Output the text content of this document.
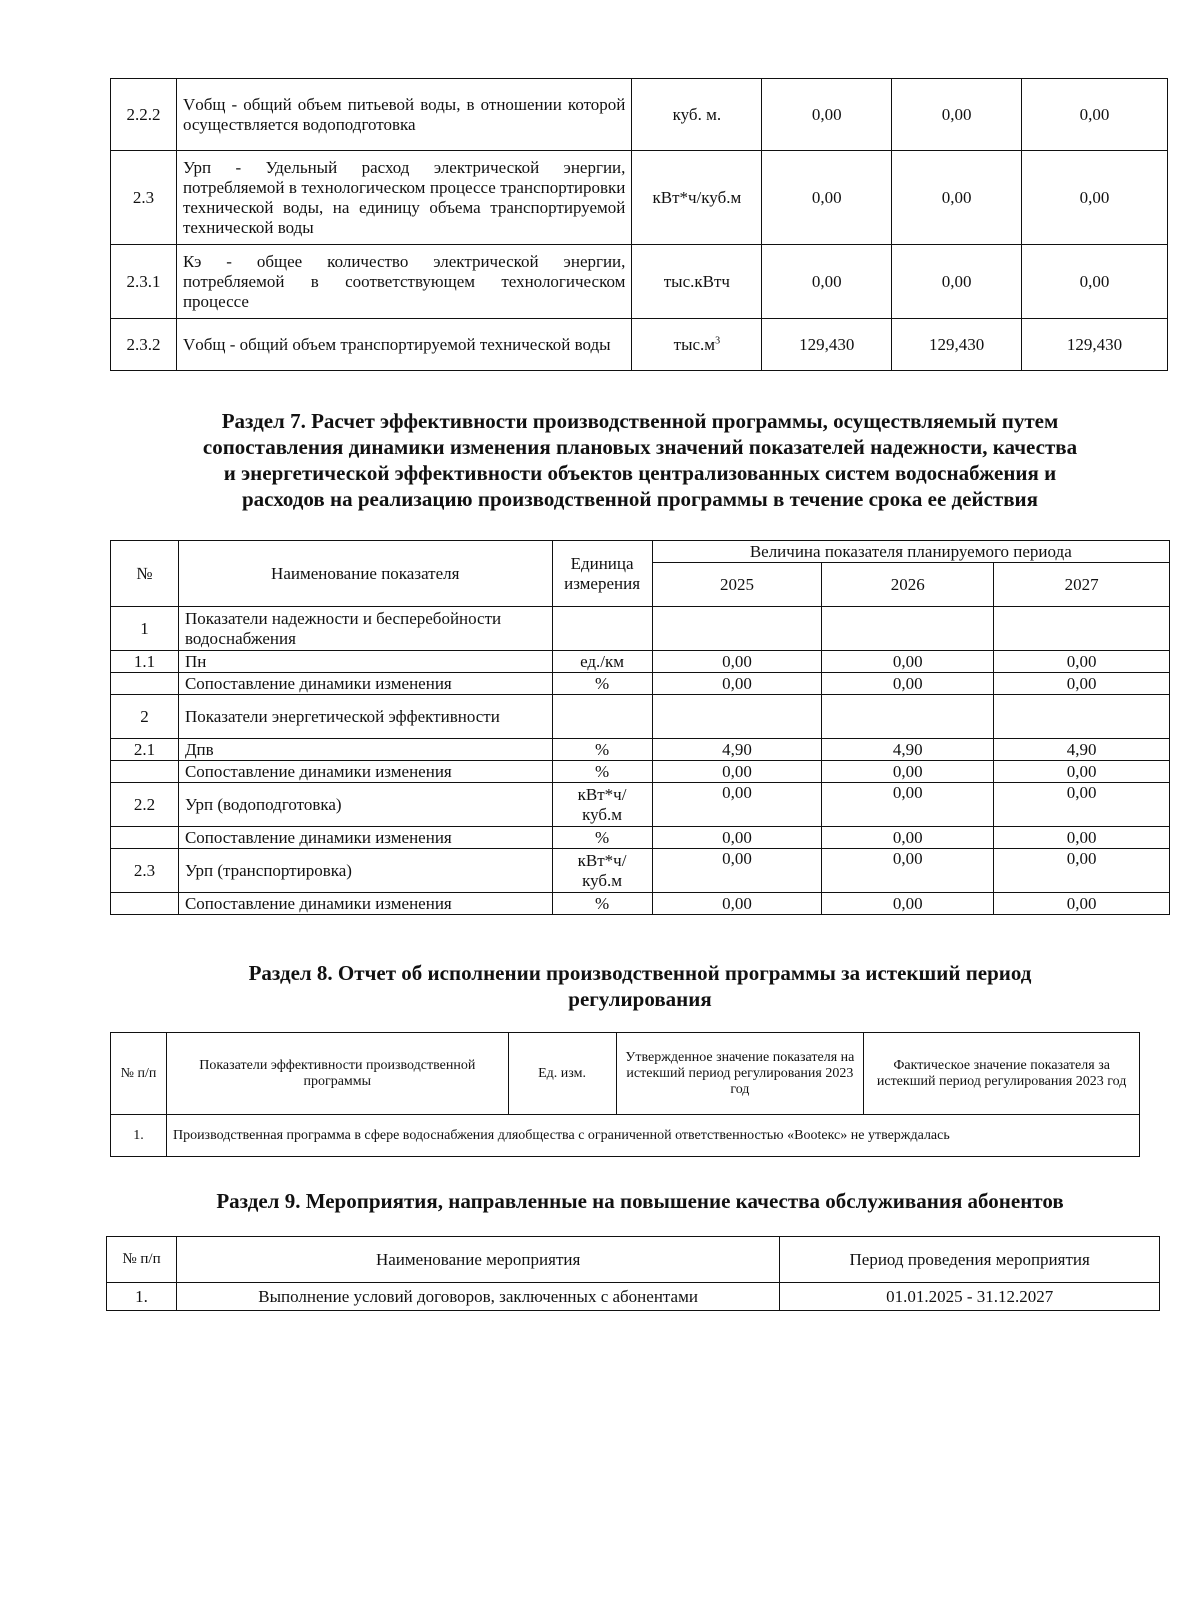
2.2.2	Vобщ - общий объем питьевой воды, в отношении которой осуществляется водоподготовка	куб. м.	0,00	0,00	0,00
2.3	Урп - Удельный расход электрической энергии, потребляемой в технологическом процессе транспортировки технической воды, на единицу объема транспортируемой технической воды	кВт*ч/куб.м	0,00	0,00	0,00
2.3.1	Кэ - общее количество электрической энергии, потребляемой в соответствующем технологическом процессе	тыс.кВтч	0,00	0,00	0,00
2.3.2	Vобщ - общий объем транспортируемой технической воды	$тыс.м^3$	129,430	129,430	129,430
Раздел 7. Расчет эффективности производственной программы, осуществляемый путем
сопоставления динамики изменения плановых значений показателей надежности, качества
и энергетической эффективности объектов централизованных систем водоснабжения и
расходов на реализацию производственной программы в течение срока ее действия
№	Наименование показателя	Единица измерения	Величина показателя планируемого периода		
			2025	2026	2027
1	Показатели надежности и бесперебойности водоснабжения				
1.1	Пн	ед./км	0,00	0,00	0,00
	Сопоставление динамики изменения	%	0,00	0,00	0,00
2	Показатели энергетической эффективности				
2.1	Дпв	%	4,90	4,90	4,90
	Сопоставление динамики изменения	%	0,00	0,00	0,00
2.2	Урп (водоподготовка)	кВт*ч/куб.м	0,00	0,00	0,00
	Сопоставление динамики изменения	%	0,00	0,00	0,00
2.3	Урп (транспортировка)	кВт*ч/куб.м	0,00	0,00	0,00
	Сопоставление динамики изменения	%	0,00	0,00	0,00
Раздел 8. Отчет об исполнении производственной программы за истекший период
регулирования
№ п/п	Показатели эффективности производственной программы	Ед. изм.	Утвержденное значение показателя на истекший период регулирования 2023 год	Фактическое значение показателя за истекший период регулирования 2023 год
1.	Производственная программа в сфере водоснабжения дляобщества с ограниченной ответственностью «Вootекс» не утверждалась			
Раздел 9. Мероприятия, направленные на повышение качества обслуживания абонентов
№ п/п	Наименование мероприятия	Период проведения мероприятия
1.	Выполнение условий договоров, заключенных с абонентами	01.01.2025 - 31.12.2027
